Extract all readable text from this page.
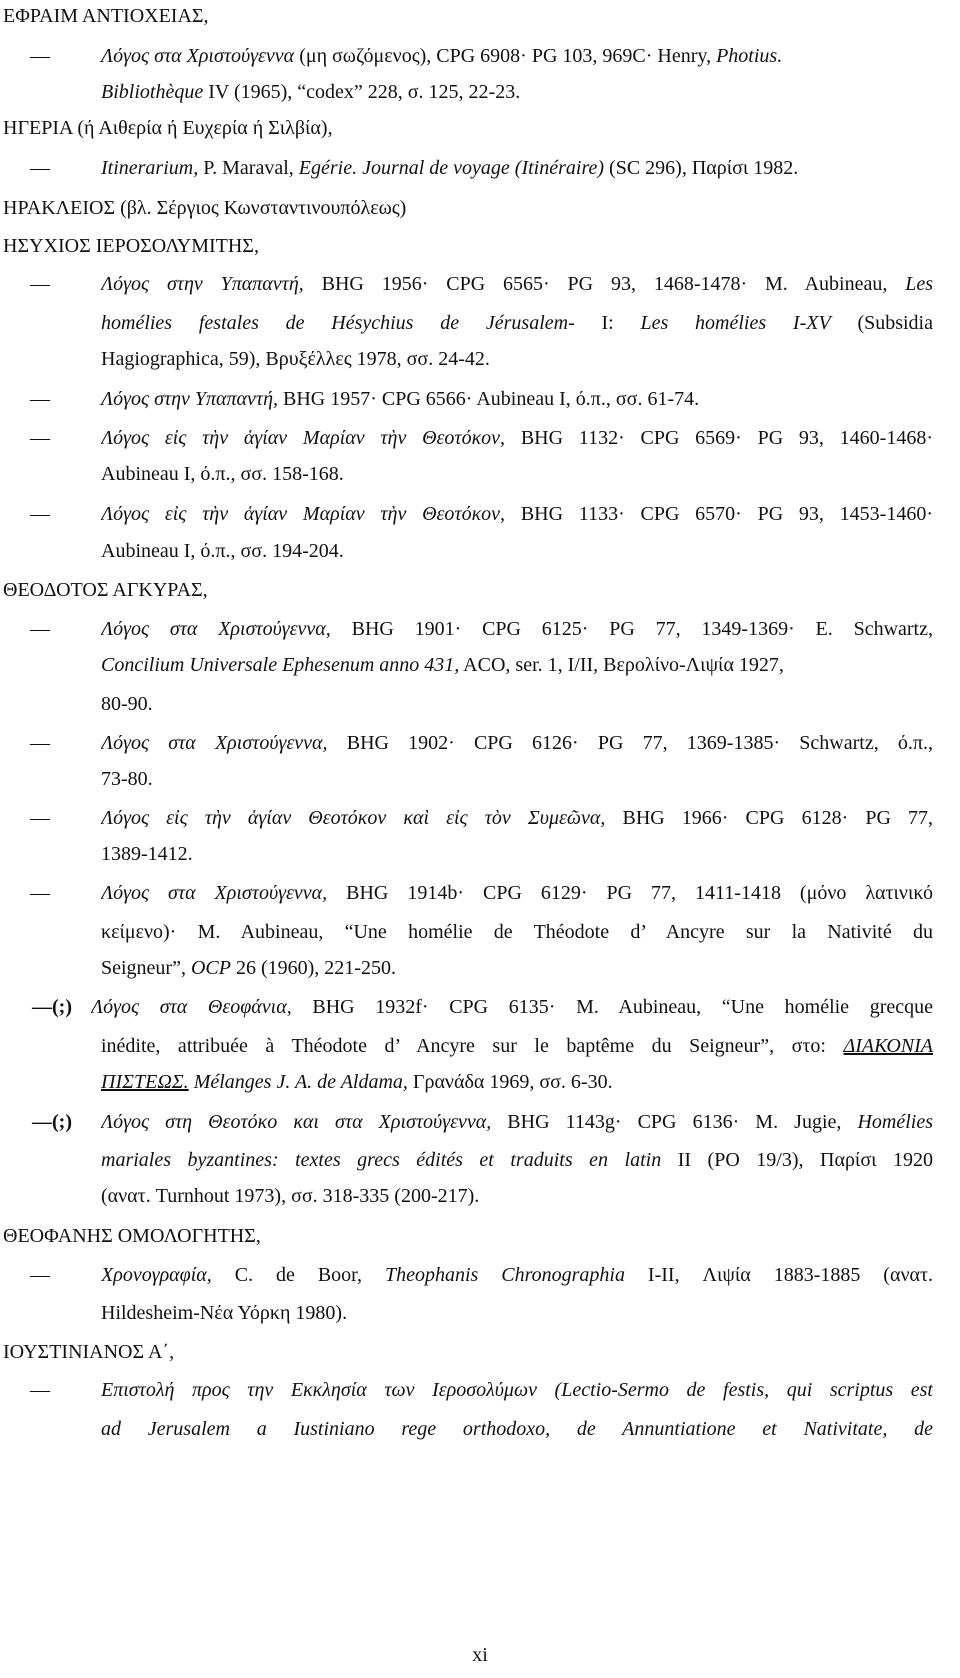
ΕΦΡΑΙΜ ΑΝΤΙΟΧΕΙΑΣ,
—	Λόγος στα Χριστούγεννα (μη σωζόμενος), CPG 6908· PG 103, 969C· Henry, Photius.
Bibliothèque IV (1965), “codex” 228, σ. 125, 22-23.
ΗΓΕΡΙΑ (ή Αιθερία ή Ευχερία ή Σιλβία),
—	Itinerarium, P. Maraval, Egérie. Journal de voyage (Itinéraire) (SC 296), Παρίσι 1982.
ΗΡΑΚΛΕΙΟΣ (βλ. Σέργιος Κωνσταντινουπόλεως)
ΗΣΥΧΙΟΣ ΙΕΡΟΣΟΛΥΜΙΤΗΣ,
—	Λόγος στην Υπαπαντή, BHG 1956· CPG 6565· PG 93, 1468-1478· M. Aubineau, Les
homélies festales de Hésychius de Jérusalem- I: Les homélies I-XV (Subsidia
Hagiographica, 59), Βρυξέλλες 1978, σσ. 24-42.
—	Λόγος στην Υπαπαντή, BHG 1957· CPG 6566· Aubineau I, ό.π., σσ. 61-74.
—	Λόγος εἰς τὴν ἁγίαν Μαρίαν τὴν Θεοτόκον, BHG 1132· CPG 6569· PG 93, 1460-1468·
Aubineau I, ό.π., σσ. 158-168.
—	Λόγος εἰς τὴν ἁγίαν Μαρίαν τὴν Θεοτόκον, BHG 1133· CPG 6570· PG 93, 1453-1460·
Aubineau I, ό.π., σσ. 194-204.
ΘΕΟΔΟΤΟΣ ΑΓΚΥΡΑΣ,
—	Λόγος στα Χριστούγεννα, BHG 1901· CPG 6125· PG 77, 1349-1369· E. Schwartz,
Concilium Universale Ephesenum anno 431, ACO, ser. 1, I/II, Βερολίνο-Λιψία 1927,
80-90.
—	Λόγος στα Χριστούγεννα, BHG 1902· CPG 6126· PG 77, 1369-1385· Schwartz, ό.π.,
73-80.
—	Λόγος εἰς τὴν ἁγίαν Θεοτόκον καὶ εἰς τὸν Συμεῶνα, BHG 1966· CPG 6128· PG 77,
1389-1412.
—	Λόγος στα Χριστούγεννα, BHG 1914b· CPG 6129· PG 77, 1411-1418 (μόνο λατινικό
κείμενο)· M. Aubineau, “Une homélie de Théodote d’ Ancyre sur la Nativité du
Seigneur”, OCP 26 (1960), 221-250.
—(;) Λόγος στα Θεοφάνια, BHG 1932f· CPG 6135· M. Aubineau, “Une homélie grecque
inédite, attribuée à Théodote d’ Ancyre sur le baptême du Seigneur”, στο: ΔΙΑΚΟΝΙΑ
ΠΙΣΤΕΩΣ. Mélanges J. A. de Aldama, Γρανάδα 1969, σσ. 6-30.
—(;) Λόγος στη Θεοτόκο και στα Χριστούγεννα, BHG 1143g· CPG 6136· M. Jugie, Homélies
mariales byzantines: textes grecs édités et traduits en latin II (PO 19/3), Παρίσι 1920
(ανατ. Turnhout 1973), σσ. 318-335 (200-217).
ΘΕΟΦΑΝΗΣ ΟΜΟΛΟΓΗΤΗΣ,
—	Χρονογραφία, C. de Boor, Theophanis Chronographia I-II, Λιψία 1883-1885 (ανατ.
Hildesheim-Νέα Υόρκη 1980).
ΙΟΥΣΤΙΝΙΑΝΟΣ Α΄,
—	Επιστολή προς την Εκκλησία των Ιεροσολύμων (Lectio-Sermo de festis, qui scriptus est
ad Jerusalem a Iustiniano rege orthodoxo, de Annuntiatione et Nativitate, de
xi
